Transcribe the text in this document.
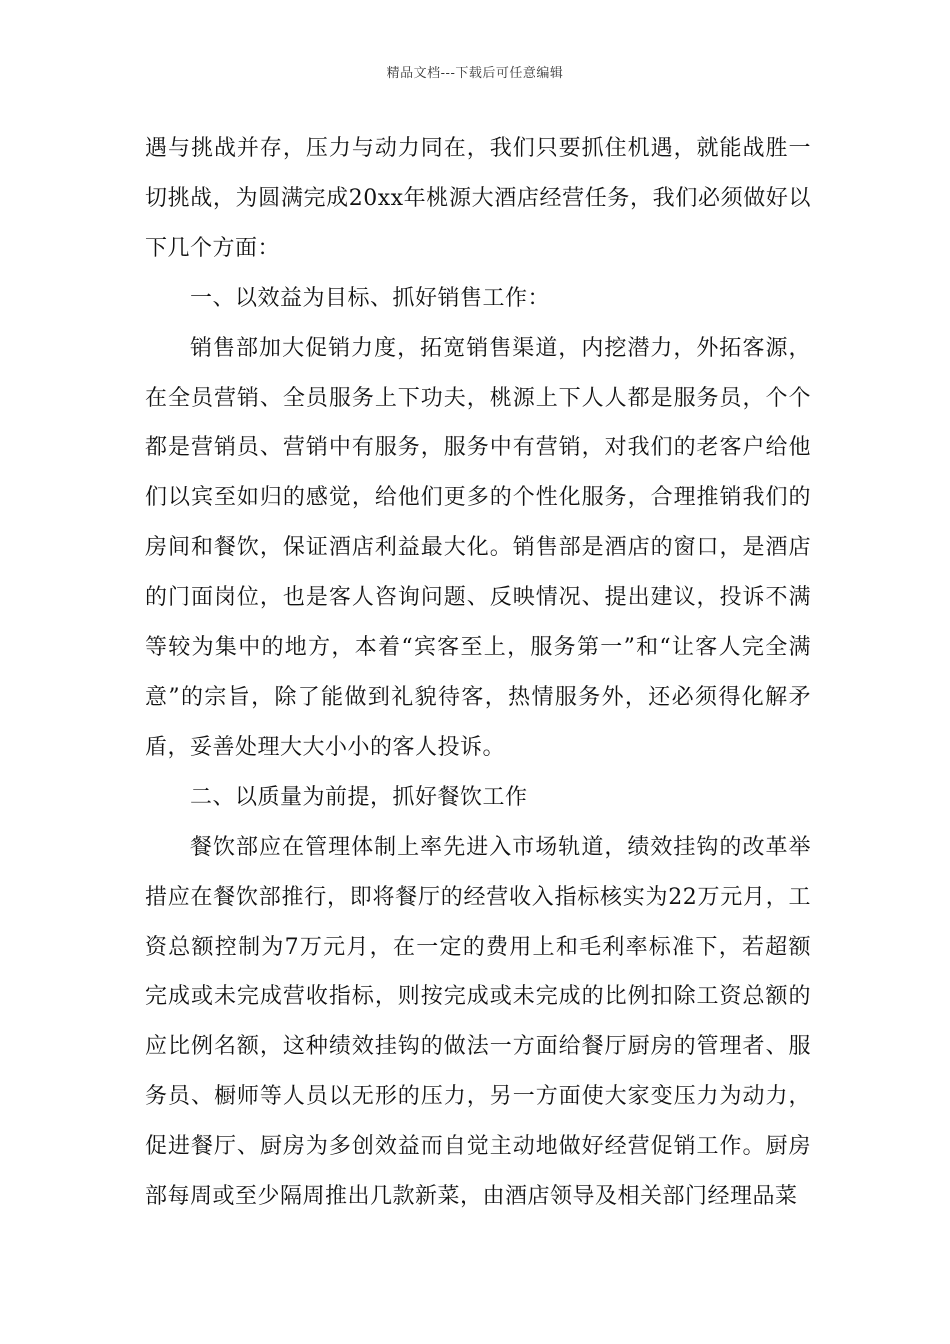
精品文档---下载后可任意编辑

遇与挑战并存，压力与动力同在，我们只要抓住机遇，就能战胜一切挑战，为圆满完成20xx年桃源大酒店经营任务，我们必须做好以下几个方面：

一、以效益为目标、抓好销售工作：

销售部加大促销力度，拓宽销售渠道，内挖潜力，外拓客源，在全员营销、全员服务上下功夫，桃源上下人人都是服务员，个个都是营销员、营销中有服务，服务中有营销，对我们的老客户给他们以宾至如归的感觉，给他们更多的个性化服务，合理推销我们的房间和餐饮，保证酒店利益最大化。销售部是酒店的窗口，是酒店的门面岗位，也是客人咨询问题、反映情况、提出建议，投诉不满等较为集中的地方，本着“宾客至上，服务第一”和“让客人完全满意”的宗旨，除了能做到礼貌待客，热情服务外，还必须得化解矛盾，妥善处理大大小小的客人投诉。

二、以质量为前提，抓好餐饮工作

餐饮部应在管理体制上率先进入市场轨道，绩效挂钩的改革举措应在餐饮部推行，即将餐厅的经营收入指标核实为22万元月，工资总额控制为7万元月，在一定的费用上和毛利率标准下，若超额完成或未完成营收指标，则按完成或未完成的比例扣除工资总额的应比例名额，这种绩效挂钩的做法一方面给餐厅厨房的管理者、服务员、橱师等人员以无形的压力，另一方面使大家变压力为动力，促进餐厅、厨房为多创效益而自觉主动地做好经营促销工作。厨房部每周或至少隔周推出几款新菜，由酒店领导及相关部门经理品菜
